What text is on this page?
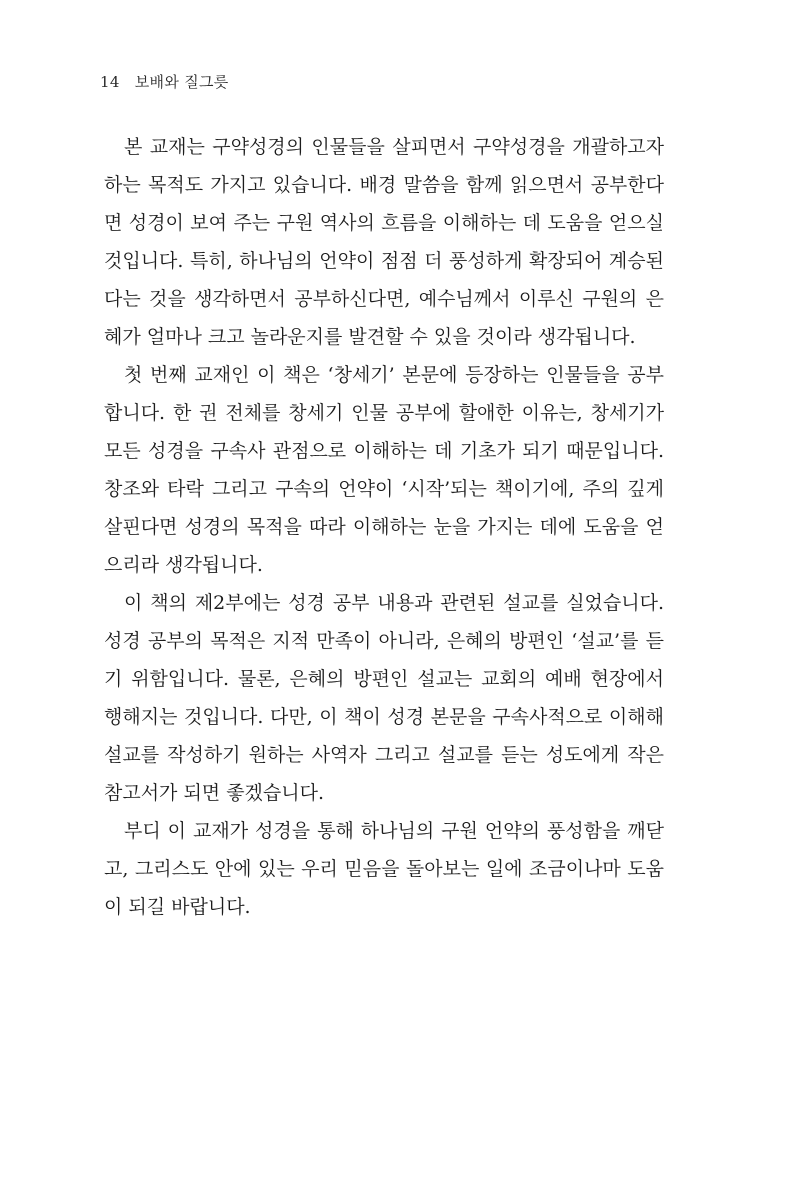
14 보배와 질그릇
본 교재는 구약성경의 인물들을 살피면서 구약성경을 개괄하고자
하는 목적도 가지고 있습니다. 배경 말씀을 함께 읽으면서 공부한다
면 성경이 보여 주는 구원 역사의 흐름을 이해하는 데 도움을 얻으실
것입니다. 특히, 하나님의 언약이 점점 더 풍성하게 확장되어 계승된
다는 것을 생각하면서 공부하신다면, 예수님께서 이루신 구원의 은
혜가 얼마나 크고 놀라운지를 발견할 수 있을 것이라 생각됩니다.
첫 번째 교재인 이 책은 ‘창세기’ 본문에 등장하는 인물들을 공부
합니다. 한 권 전체를 창세기 인물 공부에 할애한 이유는, 창세기가
모든 성경을 구속사 관점으로 이해하는 데 기초가 되기 때문입니다.
창조와 타락 그리고 구속의 언약이 ‘시작’되는 책이기에, 주의 깊게
살핀다면 성경의 목적을 따라 이해하는 눈을 가지는 데에 도움을 얻
으리라 생각됩니다.
이 책의 제2부에는 성경 공부 내용과 관련된 설교를 실었습니다.
성경 공부의 목적은 지적 만족이 아니라, 은혜의 방편인 ‘설교’를 듣
기 위함입니다. 물론, 은혜의 방편인 설교는 교회의 예배 현장에서
행해지는 것입니다. 다만, 이 책이 성경 본문을 구속사적으로 이해해
설교를 작성하기 원하는 사역자 그리고 설교를 듣는 성도에게 작은
참고서가 되면 좋겠습니다.
부디 이 교재가 성경을 통해 하나님의 구원 언약의 풍성함을 깨닫
고, 그리스도 안에 있는 우리 믿음을 돌아보는 일에 조금이나마 도움
이 되길 바랍니다.
